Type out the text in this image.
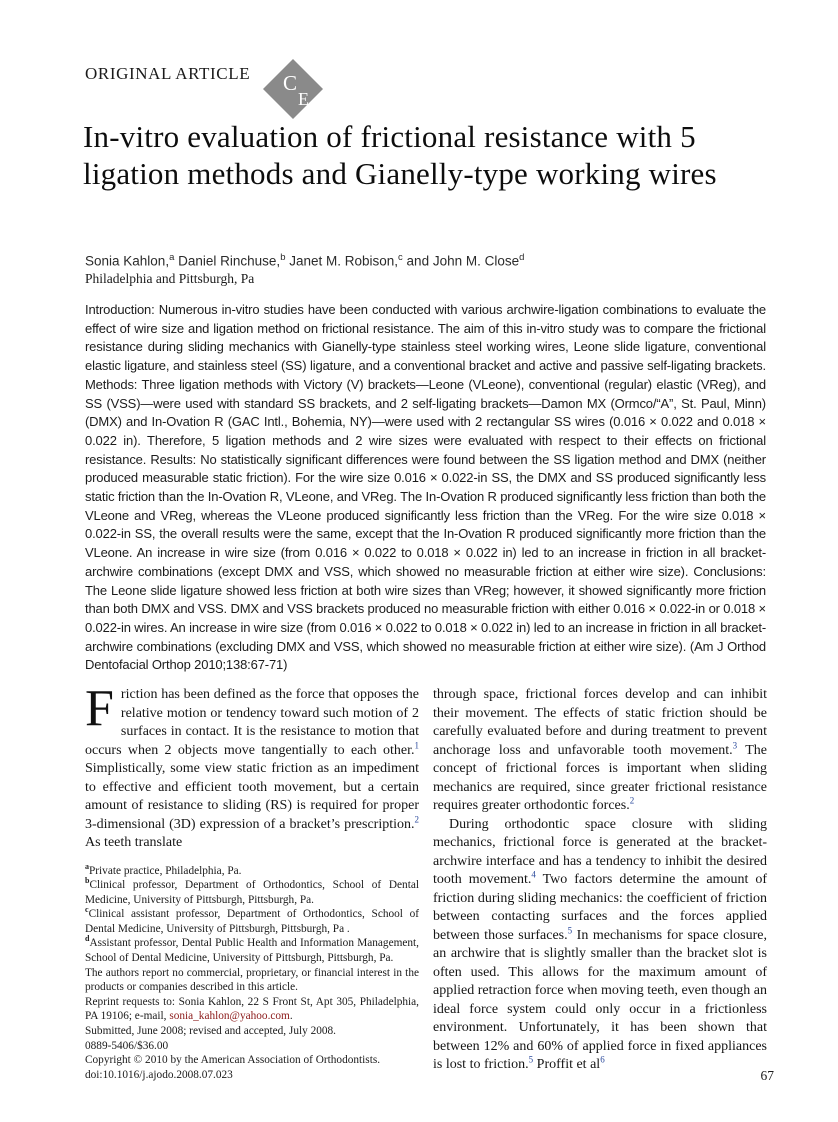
ORIGINAL ARTICLE C
E
In-vitro evaluation of frictional resistance with 5 ligation methods and Gianelly-type working wires
Sonia Kahlon,$^a$ Daniel Rinchuse,$^b$ Janet M. Robison,$^c$ and John M. Close$^d$
Philadelphia and Pittsburgh, Pa
Introduction: Numerous in-vitro studies have been conducted with various archwire-ligation combinations to evaluate the effect of wire size and ligation method on frictional resistance. The aim of this in-vitro study was to compare the frictional resistance during sliding mechanics with Gianelly-type stainless steel working wires, Leone slide ligature, conventional elastic ligature, and stainless steel (SS) ligature, and a conventional bracket and active and passive self-ligating brackets. Methods: Three ligation methods with Victory (V) brackets—Leone (VLeone), conventional (regular) elastic (VReg), and SS (VSS)—were used with standard SS brackets, and 2 self-ligating brackets—Damon MX (Ormco/“A”, St. Paul, Minn) (DMX) and In-Ovation R (GAC Intl., Bohemia, NY)—were used with 2 rectangular SS wires (0.016 × 0.022 and 0.018 × 0.022 in). Therefore, 5 ligation methods and 2 wire sizes were evaluated with respect to their effects on frictional resistance. Results: No statistically significant differences were found between the SS ligation method and DMX (neither produced measurable static friction). For the wire size 0.016 × 0.022-in SS, the DMX and SS produced significantly less static friction than the In-Ovation R, VLeone, and VReg. The In-Ovation R produced significantly less friction than both the VLeone and VReg, whereas the VLeone produced significantly less friction than the VReg. For the wire size 0.018 × 0.022-in SS, the overall results were the same, except that the In-Ovation R produced significantly more friction than the VLeone. An increase in wire size (from 0.016 × 0.022 to 0.018 × 0.022 in) led to an increase in friction in all bracket-archwire combinations (except DMX and VSS, which showed no measurable friction at either wire size). Conclusions: The Leone slide ligature showed less friction at both wire sizes than VReg; however, it showed significantly more friction than both DMX and VSS. DMX and VSS brackets produced no measurable friction with either 0.016 × 0.022-in or 0.018 × 0.022-in wires. An increase in wire size (from 0.016 × 0.022 to 0.018 × 0.022 in) led to an increase in friction in all bracket-archwire combinations (excluding DMX and VSS, which showed no measurable friction at either wire size). (Am J Orthod Dentofacial Orthop 2010;138:67-71)

Friction has been defined as the force that opposes the relative motion or tendency toward such motion of 2 surfaces in contact. It is the resistance to motion that occurs when 2 objects move tangentially to each other.$^1$ Simplistically, some view static friction as an impediment to effective and efficient tooth movement, but a certain amount of resistance to sliding (RS) is required for proper 3-dimensional (3D) expression of a bracket’s prescription.$^2$ As teeth translate

$^a$Private practice, Philadelphia, Pa.

$^b$Clinical professor, Department of Orthodontics, School of Dental Medicine, University of Pittsburgh, Pittsburgh, Pa.

$^c$Clinical assistant professor, Department of Orthodontics, School of Dental Medicine, University of Pittsburgh, Pittsburgh, Pa .

$^d$Assistant professor, Dental Public Health and Information Management, School of Dental Medicine, University of Pittsburgh, Pittsburgh, Pa.

The authors report no commercial, proprietary, or financial interest in the products or companies described in this article.

Reprint requests to: Sonia Kahlon, 22 S Front St, Apt 305, Philadelphia, PA 19106; e-mail, sonia_kahlon@yahoo.com.

Submitted, June 2008; revised and accepted, July 2008.

0889-5406/$36.00

Copyright © 2010 by the American Association of Orthodontists.

doi:10.1016/j.ajodo.2008.07.023

through space, frictional forces develop and can inhibit their movement. The effects of static friction should be carefully evaluated before and during treatment to prevent anchorage loss and unfavorable tooth movement.$^3$ The concept of frictional forces is important when sliding mechanics are required, since greater frictional resistance requires greater orthodontic forces.$^2$

During orthodontic space closure with sliding mechanics, frictional force is generated at the bracket-archwire interface and has a tendency to inhibit the desired tooth movement.$^4$ Two factors determine the amount of friction during sliding mechanics: the coefficient of friction between contacting surfaces and the forces applied between those surfaces.$^5$ In mechanisms for space closure, an archwire that is slightly smaller than the bracket slot is often used. This allows for the maximum amount of applied retraction force when moving teeth, even though an ideal force system could only occur in a frictionless environment. Unfortunately, it has been shown that between 12% and 60% of applied force in fixed appliances is lost to friction.$^5$ Proffit et al$^6$

67
